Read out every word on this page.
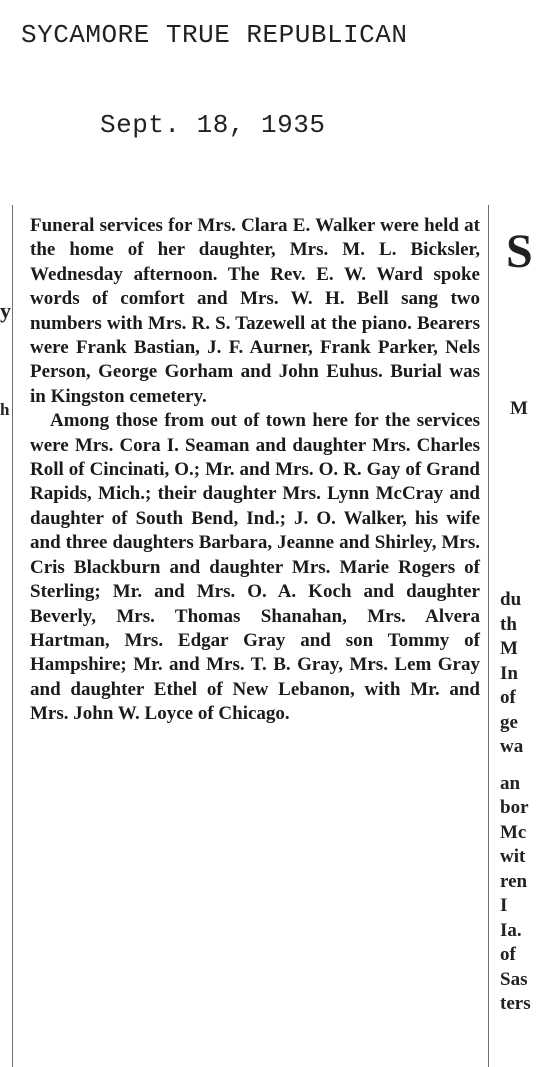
SYCAMORE TRUE REPUBLICAN
Sept. 18, 1935
y
h
S
M

Funeral services for Mrs. Clara E. Walker were held at the home of her daughter, Mrs. M. L. Bicksler, Wednesday afternoon. The Rev. E. W. Ward spoke words of comfort and Mrs. W. H. Bell sang two numbers with Mrs. R. S. Tazewell at the piano. Bearers were Frank Bastian, J. F. Aurner, Frank Parker, Nels Person, George Gorham and John Euhus. Burial was in Kingston cemetery.

Among those from out of town here for the services were Mrs. Cora I. Seaman and daughter Mrs. Charles Roll of Cincinati, O.; Mr. and Mrs. O. R. Gay of Grand Rapids, Mich.; their daughter Mrs. Lynn McCray and daughter of South Bend, Ind.; J. O. Walker, his wife and three daughters Barbara, Jeanne and Shirley, Mrs. Cris Blackburn and daughter Mrs. Marie Rogers of Sterling; Mr. and Mrs. O. A. Koch and daughter Beverly, Mrs. Thomas Shanahan, Mrs. Alvera Hartman, Mrs. Edgar Gray and son Tommy of Hampshire; Mr. and Mrs. T. B. Gray, Mrs. Lem Gray and daughter Ethel of New Lebanon, with Mr. and Mrs. John W. Loyce of Chicago.

du
th
M
In
of
ge
wa
an
bor
Mc
wit
ren
I
Ia.
of
Sas
ters
